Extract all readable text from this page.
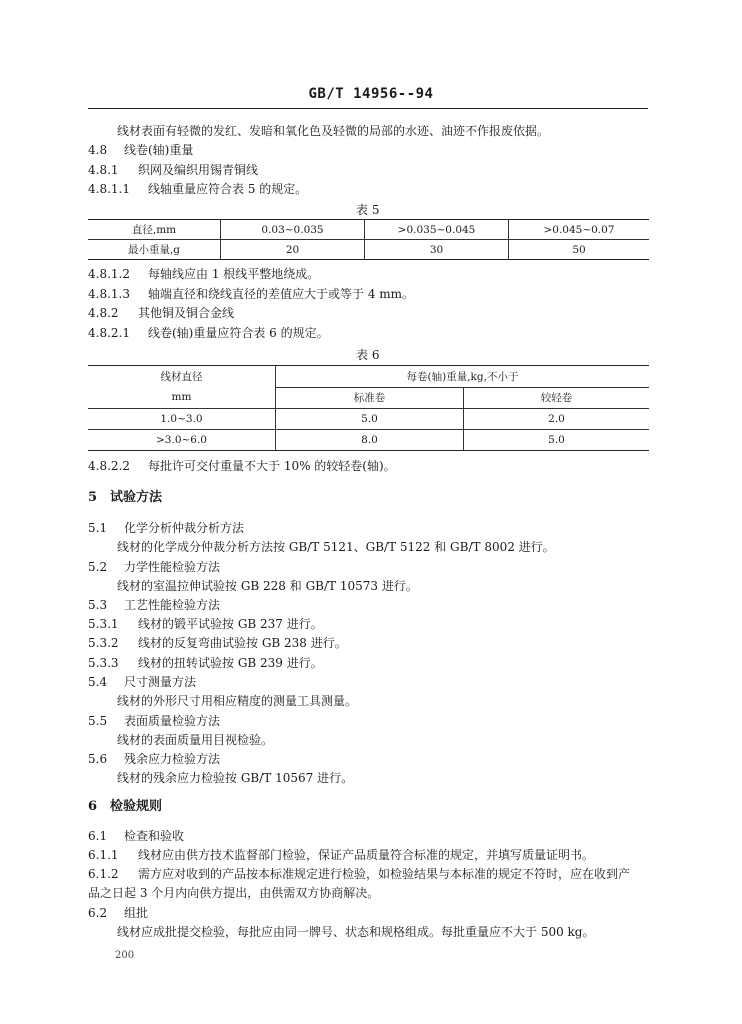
GB/T 14956--94
线材表面有轻微的发红、发暗和氧化色及轻微的局部的水迹、油迹不作报废依据。
4.8 线卷(轴)重量
4.8.1 织网及编织用锡青铜线
4.8.1.1 线轴重量应符合表 5 的规定。
表 5
直径,mm	0.03~0.035	>0.035~0.045	>0.045~0.07
最小重量,g	20	30	50
4.8.1.2 每轴线应由 1 根线平整地绕成。
4.8.1.3 轴端直径和绕线直径的差值应大于或等于 4 mm。
4.8.2 其他铜及铜合金线
4.8.2.1 线卷(轴)重量应符合表 6 的规定。
表 6
线材直径
mm	每卷(轴)重量,kg,不小于	
	标准卷	较轻卷
1.0~3.0	5.0	2.0
>3.0~6.0	8.0	5.0
4.8.2.2 每批许可交付重量不大于 10% 的较轻卷(轴)。
5 试验方法
5.1 化学分析仲裁分析方法
线材的化学成分仲裁分析方法按 GB/T 5121、GB/T 5122 和 GB/T 8002 进行。
5.2 力学性能检验方法
线材的室温拉伸试验按 GB 228 和 GB/T 10573 进行。
5.3 工艺性能检验方法
5.3.1 线材的锻平试验按 GB 237 进行。
5.3.2 线材的反复弯曲试验按 GB 238 进行。
5.3.3 线材的扭转试验按 GB 239 进行。
5.4 尺寸测量方法
线材的外形尺寸用相应精度的测量工具测量。
5.5 表面质量检验方法
线材的表面质量用目视检验。
5.6 残余应力检验方法
线材的残余应力检验按 GB/T 10567 进行。
6 检验规则
6.1 检查和验收
6.1.1 线材应由供方技术监督部门检验，保证产品质量符合标准的规定，并填写质量证明书。
6.1.2 需方应对收到的产品按本标准规定进行检验，如检验结果与本标准的规定不符时，应在收到产
品之日起 3 个月内向供方提出，由供需双方协商解决。
6.2 组批
线材应成批提交检验，每批应由同一牌号、状态和规格组成。每批重量应不大于 500 kg。
200
